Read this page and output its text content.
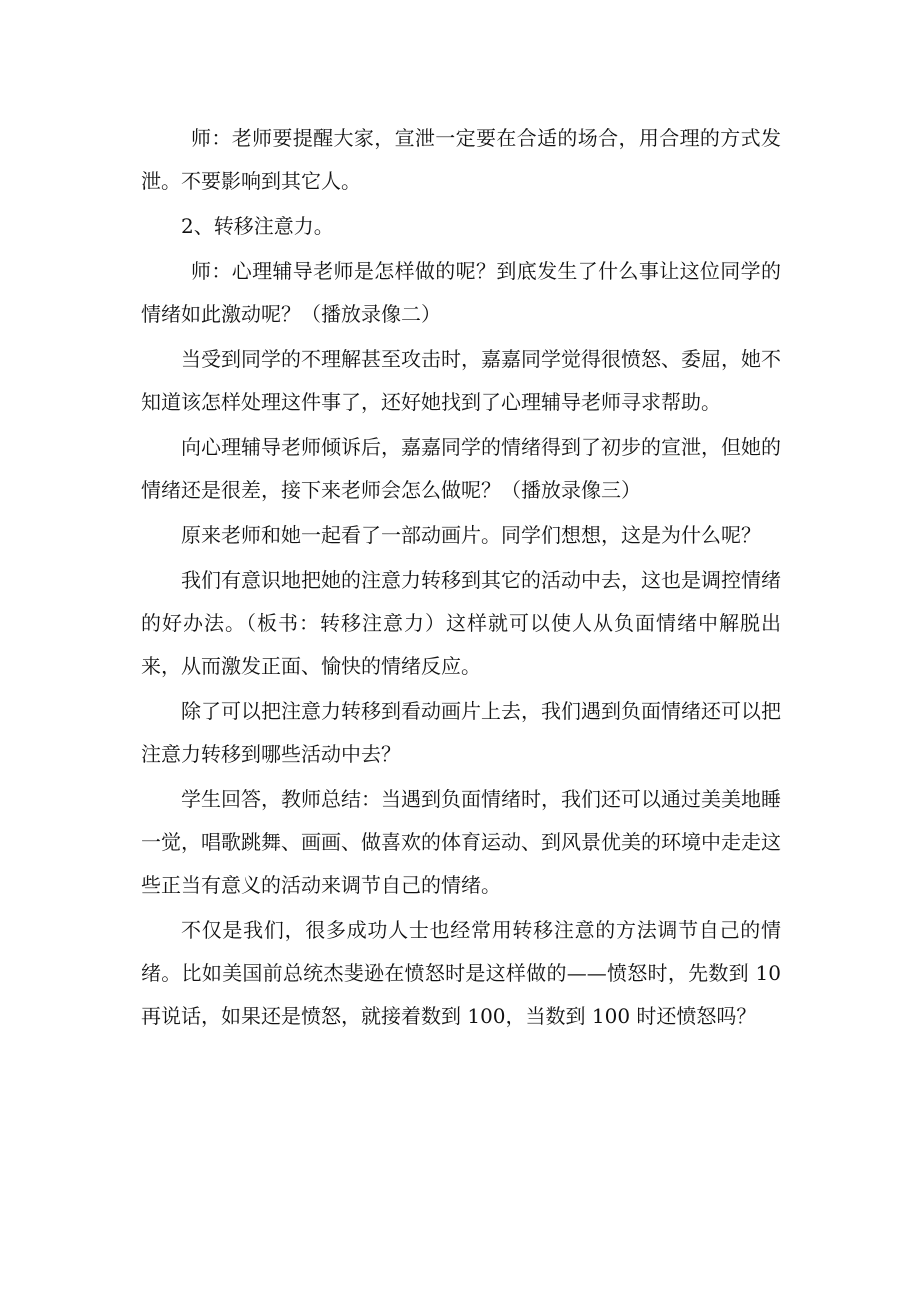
师：老师要提醒大家，宣泄一定要在合适的场合，用合理的方式发泄。不要影响到其它人。

2、转移注意力。

师：心理辅导老师是怎样做的呢？到底发生了什么事让这位同学的情绪如此激动呢？（播放录像二）

当受到同学的不理解甚至攻击时，嘉嘉同学觉得很愤怒、委屈，她不知道该怎样处理这件事了，还好她找到了心理辅导老师寻求帮助。

向心理辅导老师倾诉后，嘉嘉同学的情绪得到了初步的宣泄，但她的情绪还是很差，接下来老师会怎么做呢？（播放录像三）

原来老师和她一起看了一部动画片。同学们想想，这是为什么呢？

我们有意识地把她的注意力转移到其它的活动中去，这也是调控情绪的好办法。（板书：转移注意力）这样就可以使人从负面情绪中解脱出来，从而激发正面、愉快的情绪反应。

除了可以把注意力转移到看动画片上去，我们遇到负面情绪还可以把注意力转移到哪些活动中去？

学生回答，教师总结：当遇到负面情绪时，我们还可以通过美美地睡一觉，唱歌跳舞、画画、做喜欢的体育运动、到风景优美的环境中走走这些正当有意义的活动来调节自己的情绪。

不仅是我们，很多成功人士也经常用转移注意的方法调节自己的情绪。比如美国前总统杰斐逊在愤怒时是这样做的——愤怒时，先数到 10 再说话，如果还是愤怒，就接着数到 100，当数到 100 时还愤怒吗？
